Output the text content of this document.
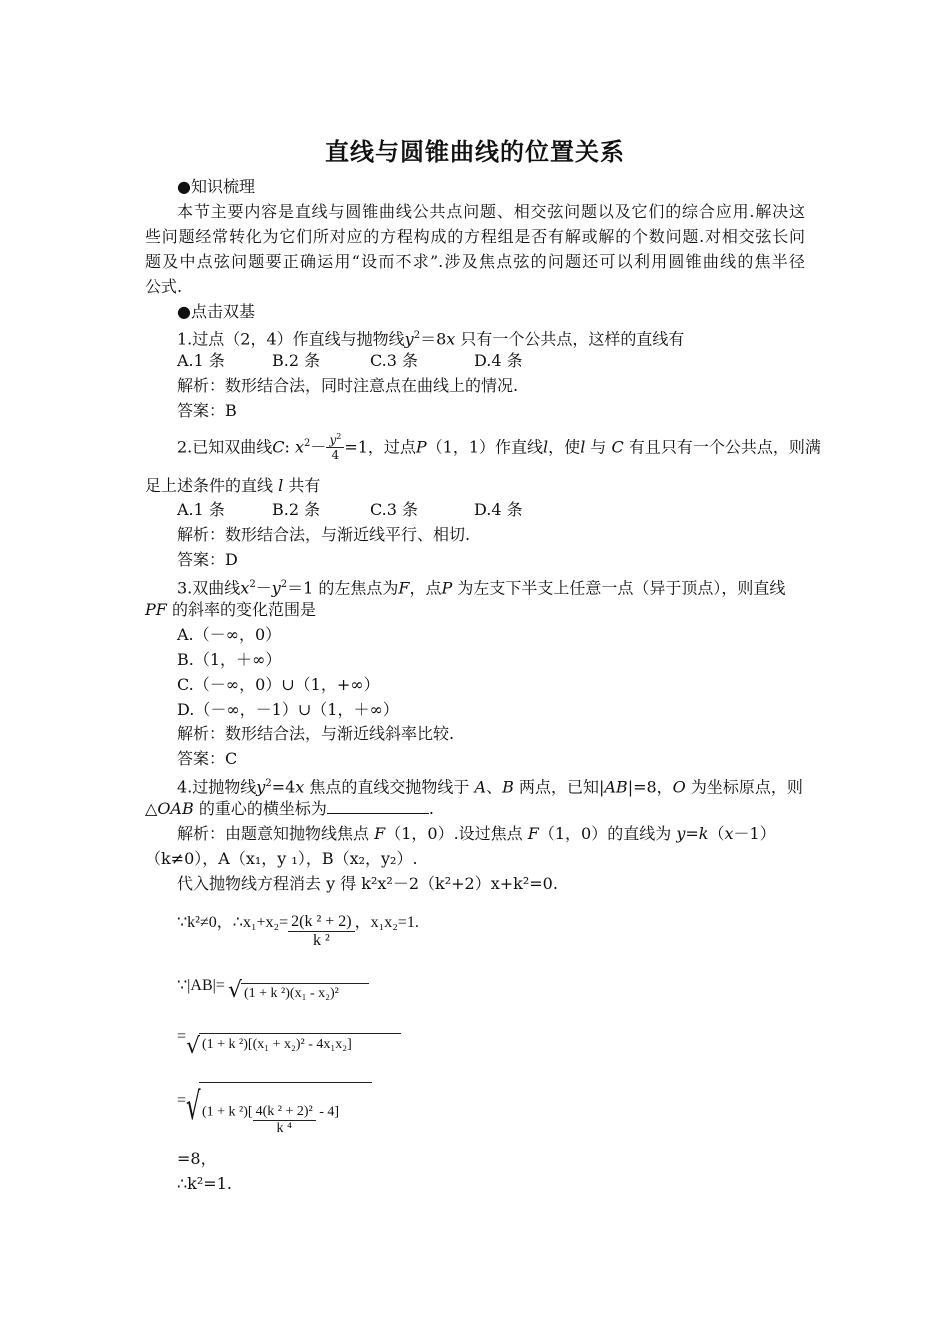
直线与圆锥曲线的位置关系
●知识梳理
本节主要内容是直线与圆锥曲线公共点问题、相交弦问题以及它们的综合应用.解决这
些问题经常转化为它们所对应的方程构成的方程组是否有解或解的个数问题.对相交弦长问
题及中点弦问题要正确运用“设而不求”.涉及焦点弦的问题还可以利用圆锥曲线的焦半径
公式.
●点击双基
1.过点（2，4）作直线与抛物线$y^2=8x$ 只有一个公共点，这样的直线有
A.1 条	B.2 条	C.3 条	D.4 条
解析：数形结合法，同时注意点在曲线上的情况.
答案：B
2.已知双曲线C: $x^2- \frac{y^2}{4} =1$，过点P（1，1）作直线l，使l 与 C 有且只有一个公共点，则满
足上述条件的直线 l 共有
A.1 条	B.2 条	C.3 条	D.4 条
解析：数形结合法，与渐近线平行、相切.
答案：D
3.双曲线$x^2-y^2=1$ 的左焦点为F，点P 为左支下半支上任意一点（异于顶点），则直线
PF 的斜率的变化范围是
A.（－∞，0）
B.（1，＋∞）
C.（－∞，0）∪（1，+∞）
D.（－∞，－1）∪（1，＋∞）
解析：数形结合法，与渐近线斜率比较.
答案：C
4.过抛物线$y^2=4x$ 焦点的直线交抛物线于 A、B 两点，已知|AB|=8，O 为坐标原点，则
△OAB 的重心的横坐标为	.
解析：由题意知抛物线焦点 F（1，0）.设过焦点 F（1，0）的直线为 y=k（x－1）
（k≠0），A（x₁，y ₁），B（x₂，y₂）.
代入抛物线方程消去 y 得 k²x²－2（k²+2）x+k²=0.
∵k²≠0，∴x₁+x₂= $\frac{\text{2(k ² + 2)}}{\text{k ²}}$ ，x₁x₂=1.
∵|AB|= √ (1 + k ²)(x₁ - x₂)²
= √ (1 + k ²)[(x₁ + x₂)² - 4x₁x₂]
= √ (1 + k $^2)[ \frac{\text{4(k ² + 2)²}}{\text{k ⁴}} - 4]$
=8，
∴k²=1.
